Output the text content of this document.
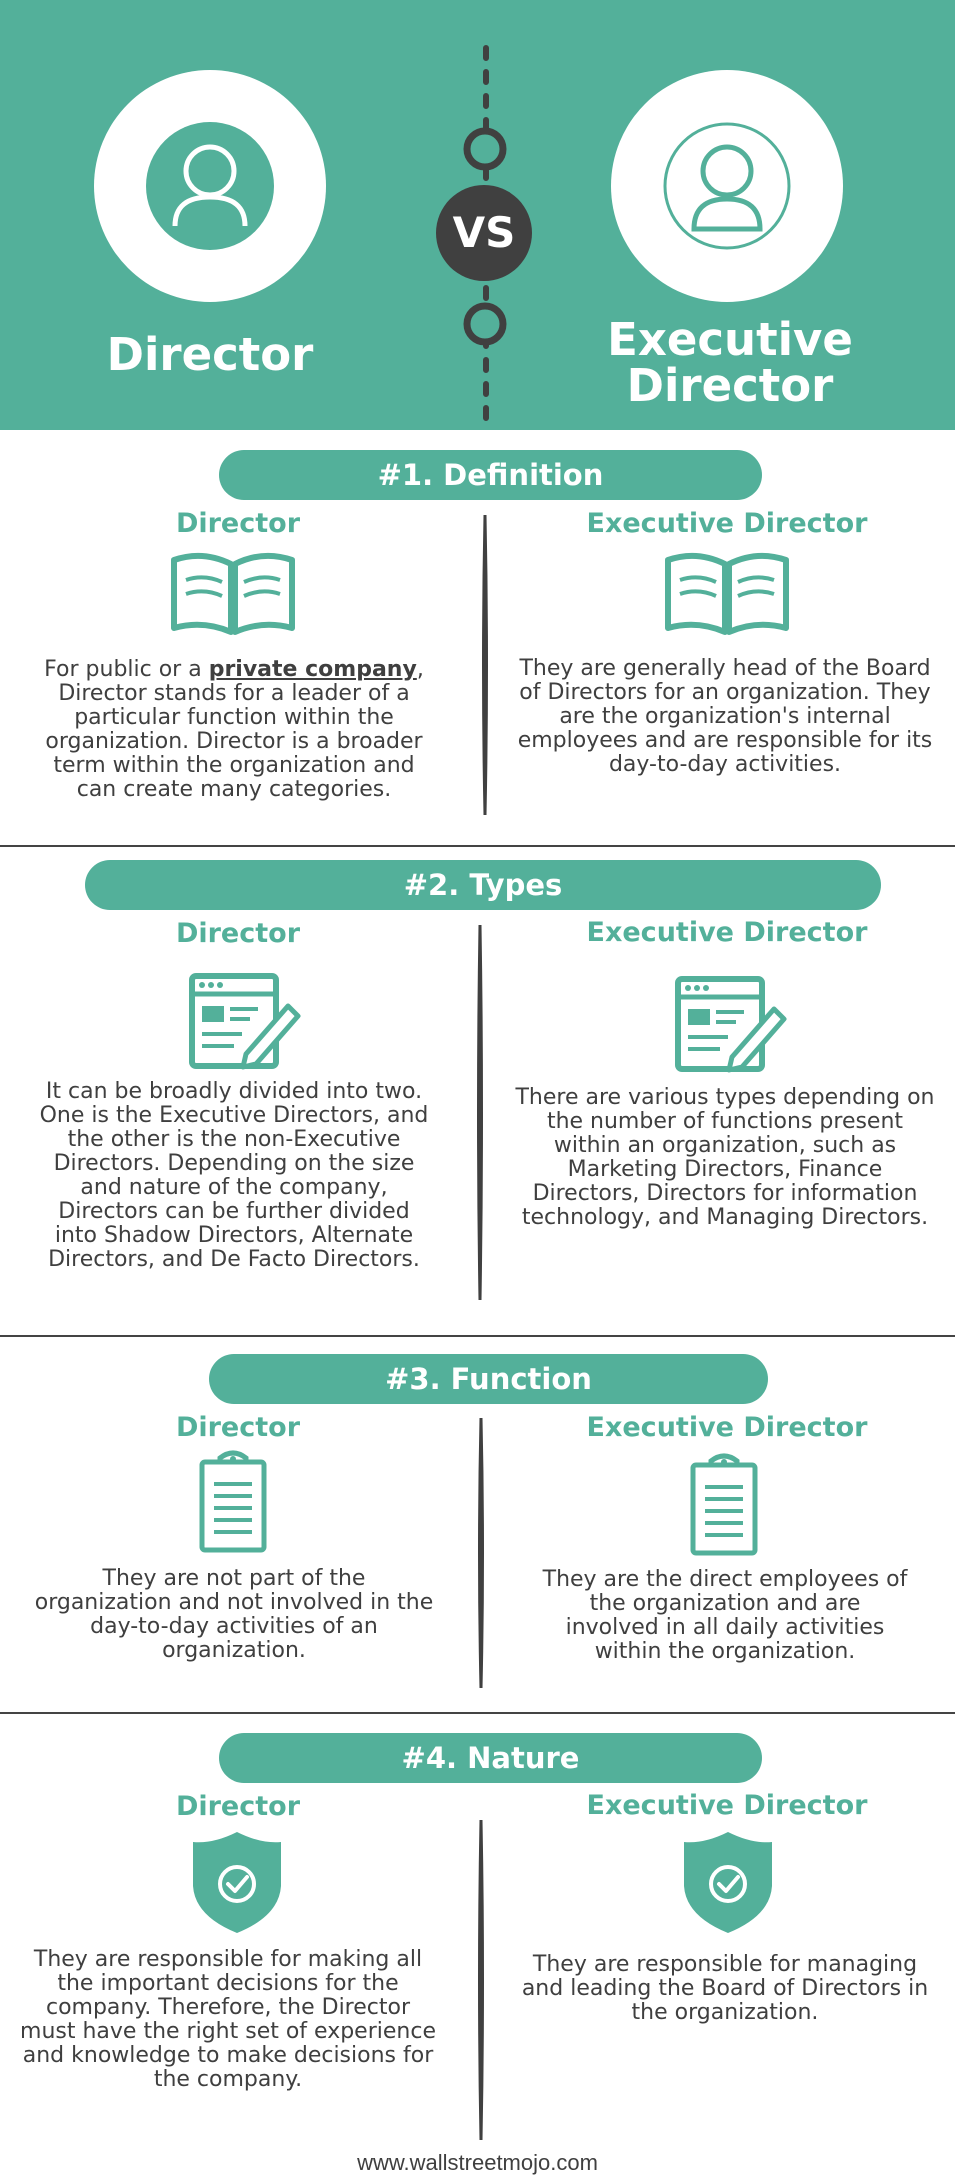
VS
Director	Executive
Director
#1. Definition
Director	Executive Director
For public or a private company, Director stands for a leader of a particular function within the organization. Director is a broader term within the organization and can create many categories.
They are generally head of the Board of Directors for an organization. They are the organization's internal employees and are responsible for its day-to-day activities.
#2. Types
Director	Executive Director
It can be broadly divided into two. One is the Executive Directors, and the other is the non-Executive Directors. Depending on the size and nature of the company, Directors can be further divided into Shadow Directors, Alternate Directors, and De Facto Directors.
There are various types depending on the number of functions present within an organization, such as Marketing Directors, Finance Directors, Directors for information technology, and Managing Directors.
#3. Function
Director	Executive Director
They are not part of the organization and not involved in the day-to-day activities of an organization.
They are the direct employees of the organization and are involved in all daily activities within the organization.
#4. Nature
Director	Executive Director
They are responsible for making all the important decisions for the company. Therefore, the Director must have the right set of experience and knowledge to make decisions for the company.
They are responsible for managing and leading the Board of Directors in the organization.
www.wallstreetmojo.com
